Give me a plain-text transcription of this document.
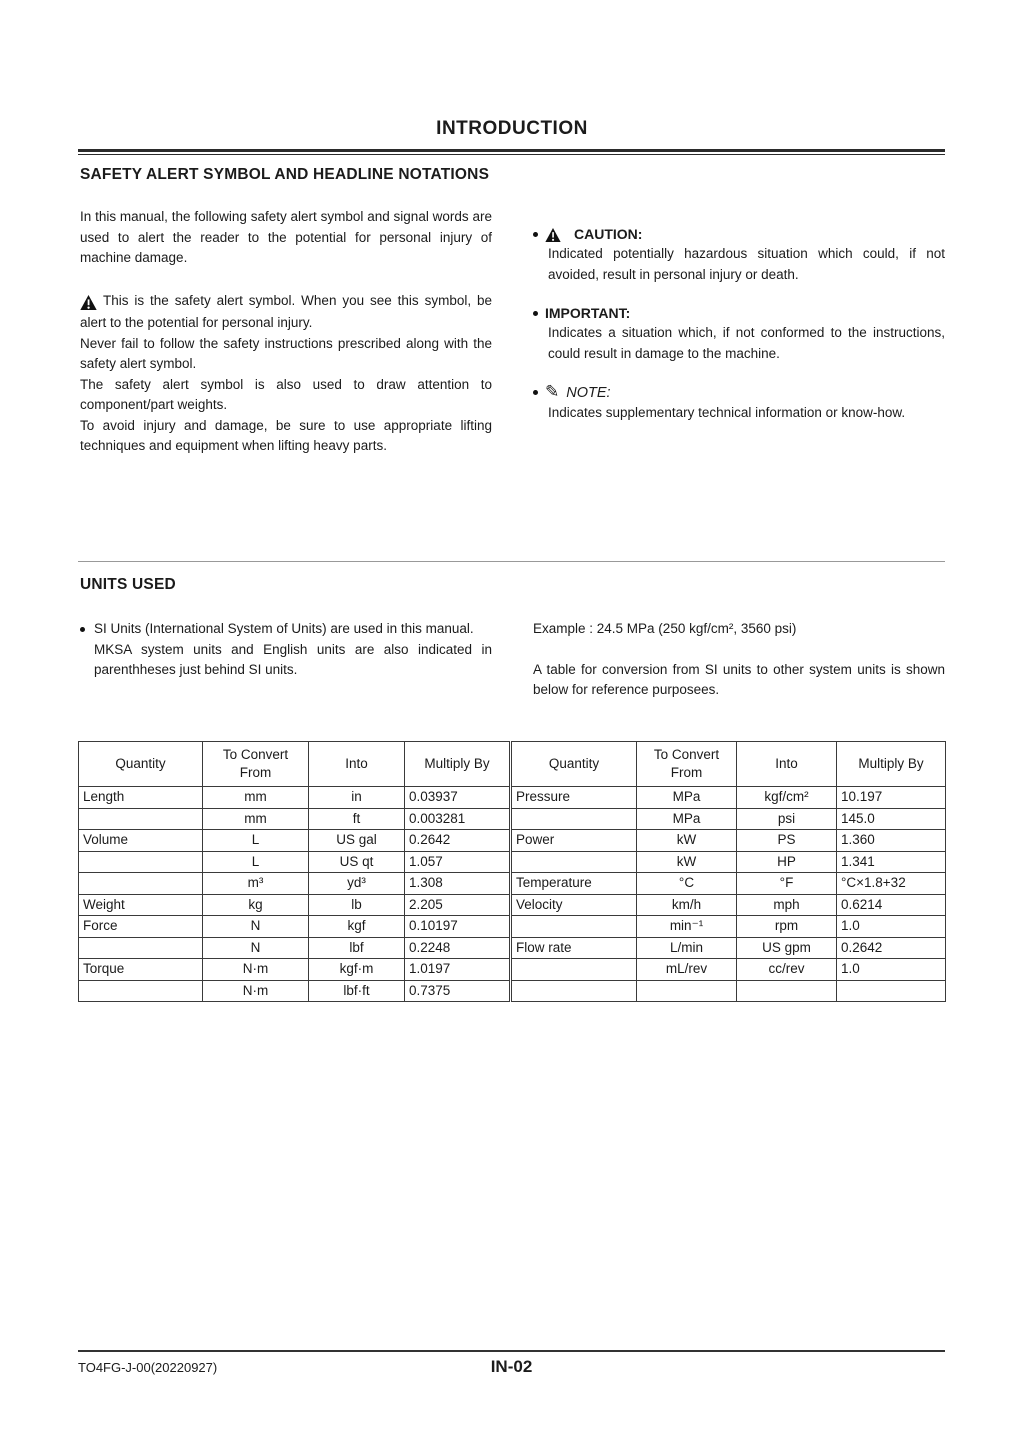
INTRODUCTION
SAFETY ALERT SYMBOL AND HEADLINE NOTATIONS
In this manual, the following safety alert symbol and signal words are used to alert the reader to the potential for personal injury of machine damage.
This is the safety alert symbol. When you see this symbol, be alert to the potential for personal injury.
Never fail to follow the safety instructions prescribed along with the safety alert symbol.
The safety alert symbol is also used to draw attention to component/part weights.
To avoid injury and damage, be sure to use appropriate lifting techniques and equipment when lifting heavy parts.
CAUTION:
Indicated potentially hazardous situation which could, if not avoided, result in personal injury or death.
IMPORTANT:
Indicates a situation which, if not conformed to the instructions, could result in damage to the machine.
✎ NOTE:
Indicates supplementary technical information or know-how.
UNITS USED
SI Units (International System of Units) are used in this manual.
MKSA system units and English units are also indicated in parenthheses just behind SI units.
Example : 24.5 MPa (250 kgf/cm², 3560 psi)
A table for conversion from SI units to other system units is shown below for reference purposees.
Quantity	To Convert From	Into	Multiply By	Quantity	To Convert From	Into	Multiply By
Length	mm	in	0.03937	Pressure	MPa	kgf/cm²	10.197
	mm	ft	0.003281		MPa	psi	145.0
Volume	L	US gal	0.2642	Power	kW	PS	1.360
	L	US qt	1.057		kW	HP	1.341
	m³	yd³	1.308	Temperature	°C	°F	°C×1.8+32
Weight	kg	lb	2.205	Velocity	km/h	mph	0.6214
Force	N	kgf	0.10197		min⁻¹	rpm	1.0
	N	lbf	0.2248	Flow rate	L/min	US gpm	0.2642
Torque	N·m	kgf·m	1.0197		mL/rev	cc/rev	1.0
	N·m	lbf·ft	0.7375				
TO4FG-J-00(20220927)	IN-02
